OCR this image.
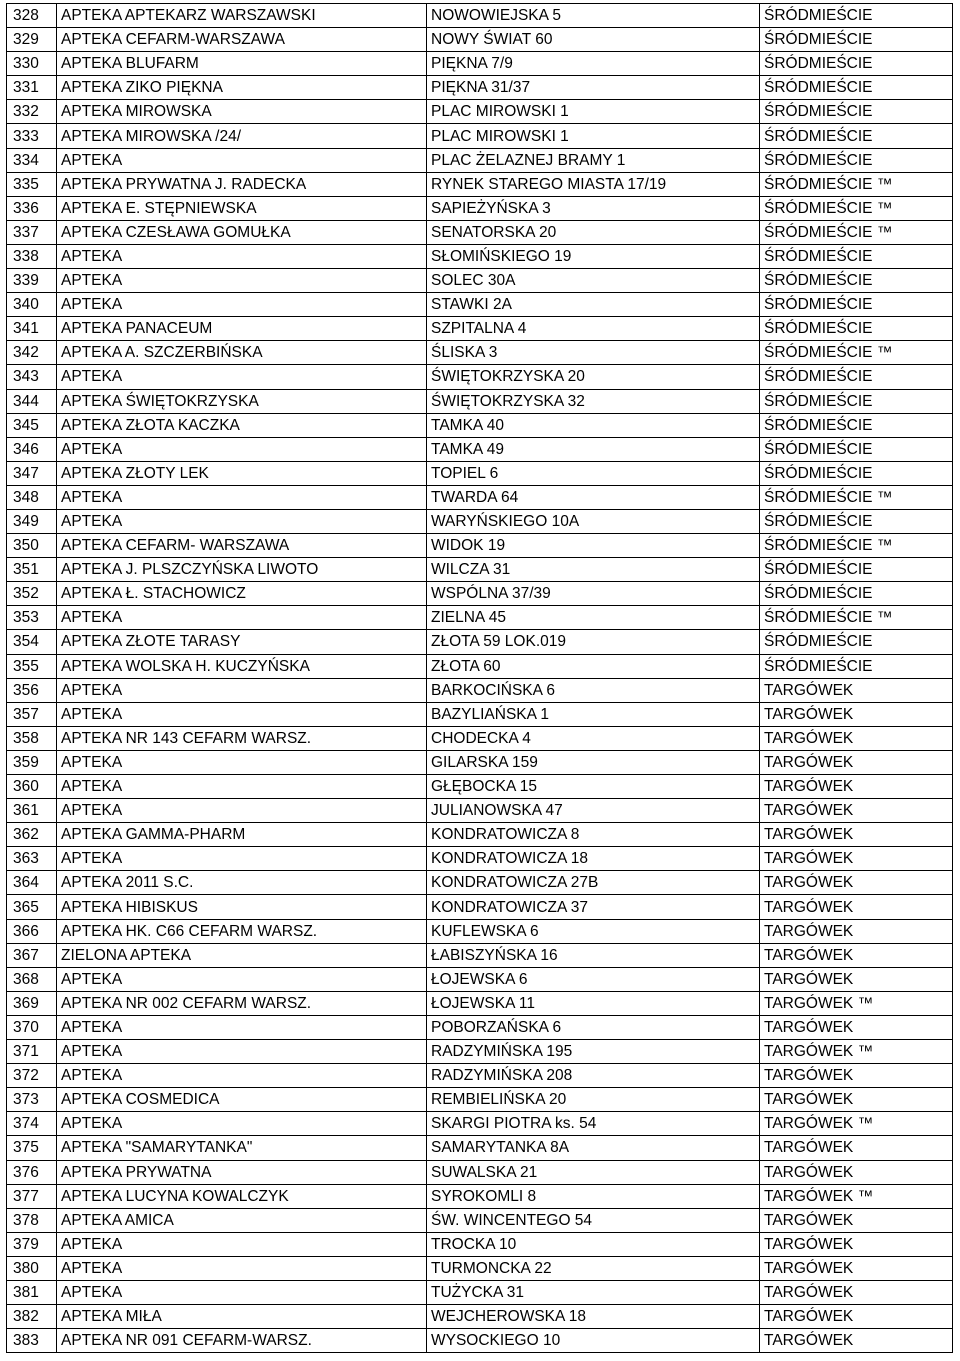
328	APTEKA APTEKARZ WARSZAWSKI	NOWOWIEJSKA 5	ŚRÓDMIEŚCIE
329	APTEKA CEFARM-WARSZAWA	NOWY ŚWIAT 60	ŚRÓDMIEŚCIE
330	APTEKA BLUFARM	PIĘKNA 7/9	ŚRÓDMIEŚCIE
331	APTEKA ZIKO PIĘKNA	PIĘKNA 31/37	ŚRÓDMIEŚCIE
332	APTEKA MIROWSKA	PLAC MIROWSKI 1	ŚRÓDMIEŚCIE
333	APTEKA MIROWSKA /24/	PLAC MIROWSKI 1	ŚRÓDMIEŚCIE
334	APTEKA	PLAC ŻELAZNEJ BRAMY 1	ŚRÓDMIEŚCIE
335	APTEKA PRYWATNA J. RADECKA	RYNEK STAREGO MIASTA 17/19	ŚRÓDMIEŚCIE ™
336	APTEKA E. STĘPNIEWSKA	SAPIEŻYŃSKA 3	ŚRÓDMIEŚCIE ™
337	APTEKA CZESŁAWA GOMUŁKA	SENATORSKA 20	ŚRÓDMIEŚCIE ™
338	APTEKA	SŁOMIŃSKIEGO 19	ŚRÓDMIEŚCIE
339	APTEKA	SOLEC 30A	ŚRÓDMIEŚCIE
340	APTEKA	STAWKI 2A	ŚRÓDMIEŚCIE
341	APTEKA PANACEUM	SZPITALNA 4	ŚRÓDMIEŚCIE
342	APTEKA A. SZCZERBIŃSKA	ŚLISKA 3	ŚRÓDMIEŚCIE ™
343	APTEKA	ŚWIĘTOKRZYSKA 20	ŚRÓDMIEŚCIE
344	APTEKA ŚWIĘTOKRZYSKA	ŚWIĘTOKRZYSKA 32	ŚRÓDMIEŚCIE
345	APTEKA ZŁOTA KACZKA	TAMKA 40	ŚRÓDMIEŚCIE
346	APTEKA	TAMKA 49	ŚRÓDMIEŚCIE
347	APTEKA ZŁOTY LEK	TOPIEL 6	ŚRÓDMIEŚCIE
348	APTEKA	TWARDA 64	ŚRÓDMIEŚCIE ™
349	APTEKA	WARYŃSKIEGO 10A	ŚRÓDMIEŚCIE
350	APTEKA CEFARM- WARSZAWA	WIDOK 19	ŚRÓDMIEŚCIE ™
351	APTEKA J. PLSZCZYŃSKA LIWOTO	WILCZA 31	ŚRÓDMIEŚCIE
352	APTEKA Ł. STACHOWICZ	WSPÓLNA 37/39	ŚRÓDMIEŚCIE
353	APTEKA	ZIELNA 45	ŚRÓDMIEŚCIE ™
354	APTEKA ZŁOTE TARASY	ZŁOTA 59 LOK.019	ŚRÓDMIEŚCIE
355	APTEKA WOLSKA H. KUCZYŃSKA	ZŁOTA 60	ŚRÓDMIEŚCIE
356	APTEKA	BARKOCIŃSKA 6	TARGÓWEK
357	APTEKA	BAZYLIAŃSKA 1	TARGÓWEK
358	APTEKA NR 143 CEFARM WARSZ.	CHODECKA 4	TARGÓWEK
359	APTEKA	GILARSKA 159	TARGÓWEK
360	APTEKA	GŁĘBOCKA 15	TARGÓWEK
361	APTEKA	JULIANOWSKA 47	TARGÓWEK
362	APTEKA GAMMA-PHARM	KONDRATOWICZA 8	TARGÓWEK
363	APTEKA	KONDRATOWICZA 18	TARGÓWEK
364	APTEKA 2011 S.C.	KONDRATOWICZA 27B	TARGÓWEK
365	APTEKA HIBISKUS	KONDRATOWICZA 37	TARGÓWEK
366	APTEKA HK. C66 CEFARM WARSZ.	KUFLEWSKA 6	TARGÓWEK
367	ZIELONA APTEKA	ŁABISZYŃSKA 16	TARGÓWEK
368	APTEKA	ŁOJEWSKA 6	TARGÓWEK
369	APTEKA NR 002 CEFARM WARSZ.	ŁOJEWSKA 11	TARGÓWEK ™
370	APTEKA	POBORZAŃSKA 6	TARGÓWEK
371	APTEKA	RADZYMIŃSKA 195	TARGÓWEK ™
372	APTEKA	RADZYMIŃSKA 208	TARGÓWEK
373	APTEKA COSMEDICA	REMBIELIŃSKA 20	TARGÓWEK
374	APTEKA	SKARGI PIOTRA ks. 54	TARGÓWEK ™
375	APTEKA "SAMARYTANKA"	SAMARYTANKA 8A	TARGÓWEK
376	APTEKA PRYWATNA	SUWALSKA 21	TARGÓWEK
377	APTEKA LUCYNA KOWALCZYK	SYROKOMLI 8	TARGÓWEK ™
378	APTEKA AMICA	ŚW. WINCENTEGO 54	TARGÓWEK
379	APTEKA	TROCKA 10	TARGÓWEK
380	APTEKA	TURMONCKA 22	TARGÓWEK
381	APTEKA	TUŻYCKA 31	TARGÓWEK
382	APTEKA MIŁA	WEJCHEROWSKA 18	TARGÓWEK
383	APTEKA NR 091 CEFARM-WARSZ.	WYSOCKIEGO 10	TARGÓWEK
